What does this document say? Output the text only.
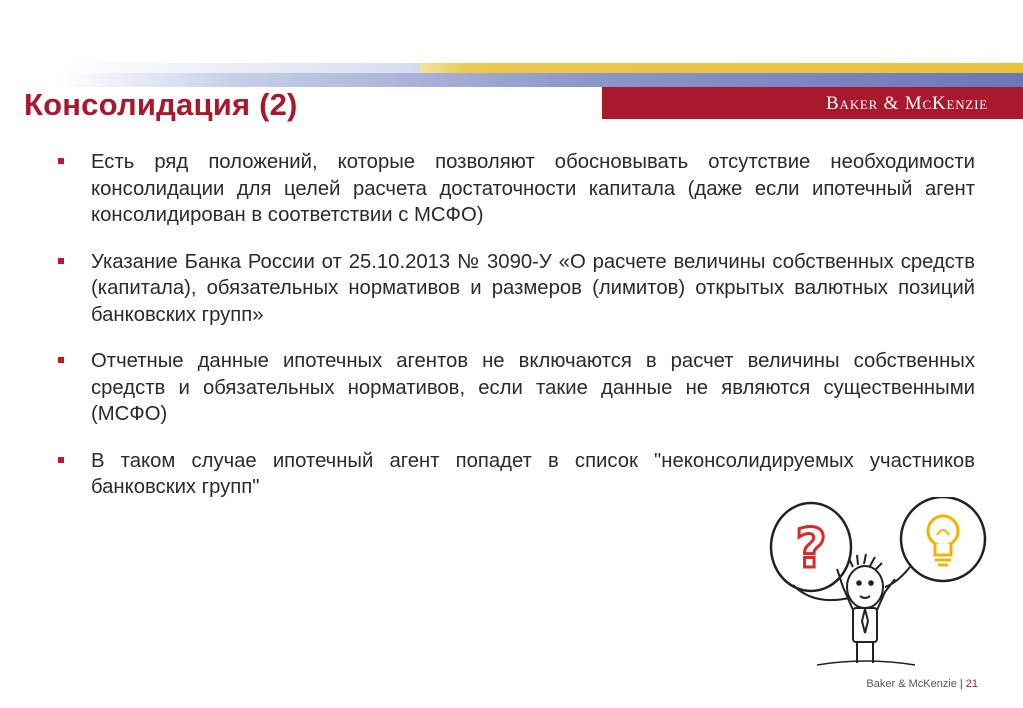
Консолидация (2)	Baker & McKenzie
Есть ряд положений, которые позволяют обосновывать отсутствие необходимости консолидации для целей расчета достаточности капитала (даже если ипотечный агент консолидирован в соответствии с МСФО)
Указание Банка России от 25.10.2013 № 3090-У «О расчете величины собственных средств (капитала), обязательных нормативов и размеров (лимитов) открытых валютных позиций банковских групп»
Отчетные данные ипотечных агентов не включаются в расчет величины собственных средств и обязательных нормативов, если такие данные не являются существенными (МСФО)
В таком случае ипотечный агент попадет в список "неконсолидируемых участников банковских групп"
?
Baker & McKenzie | 21
